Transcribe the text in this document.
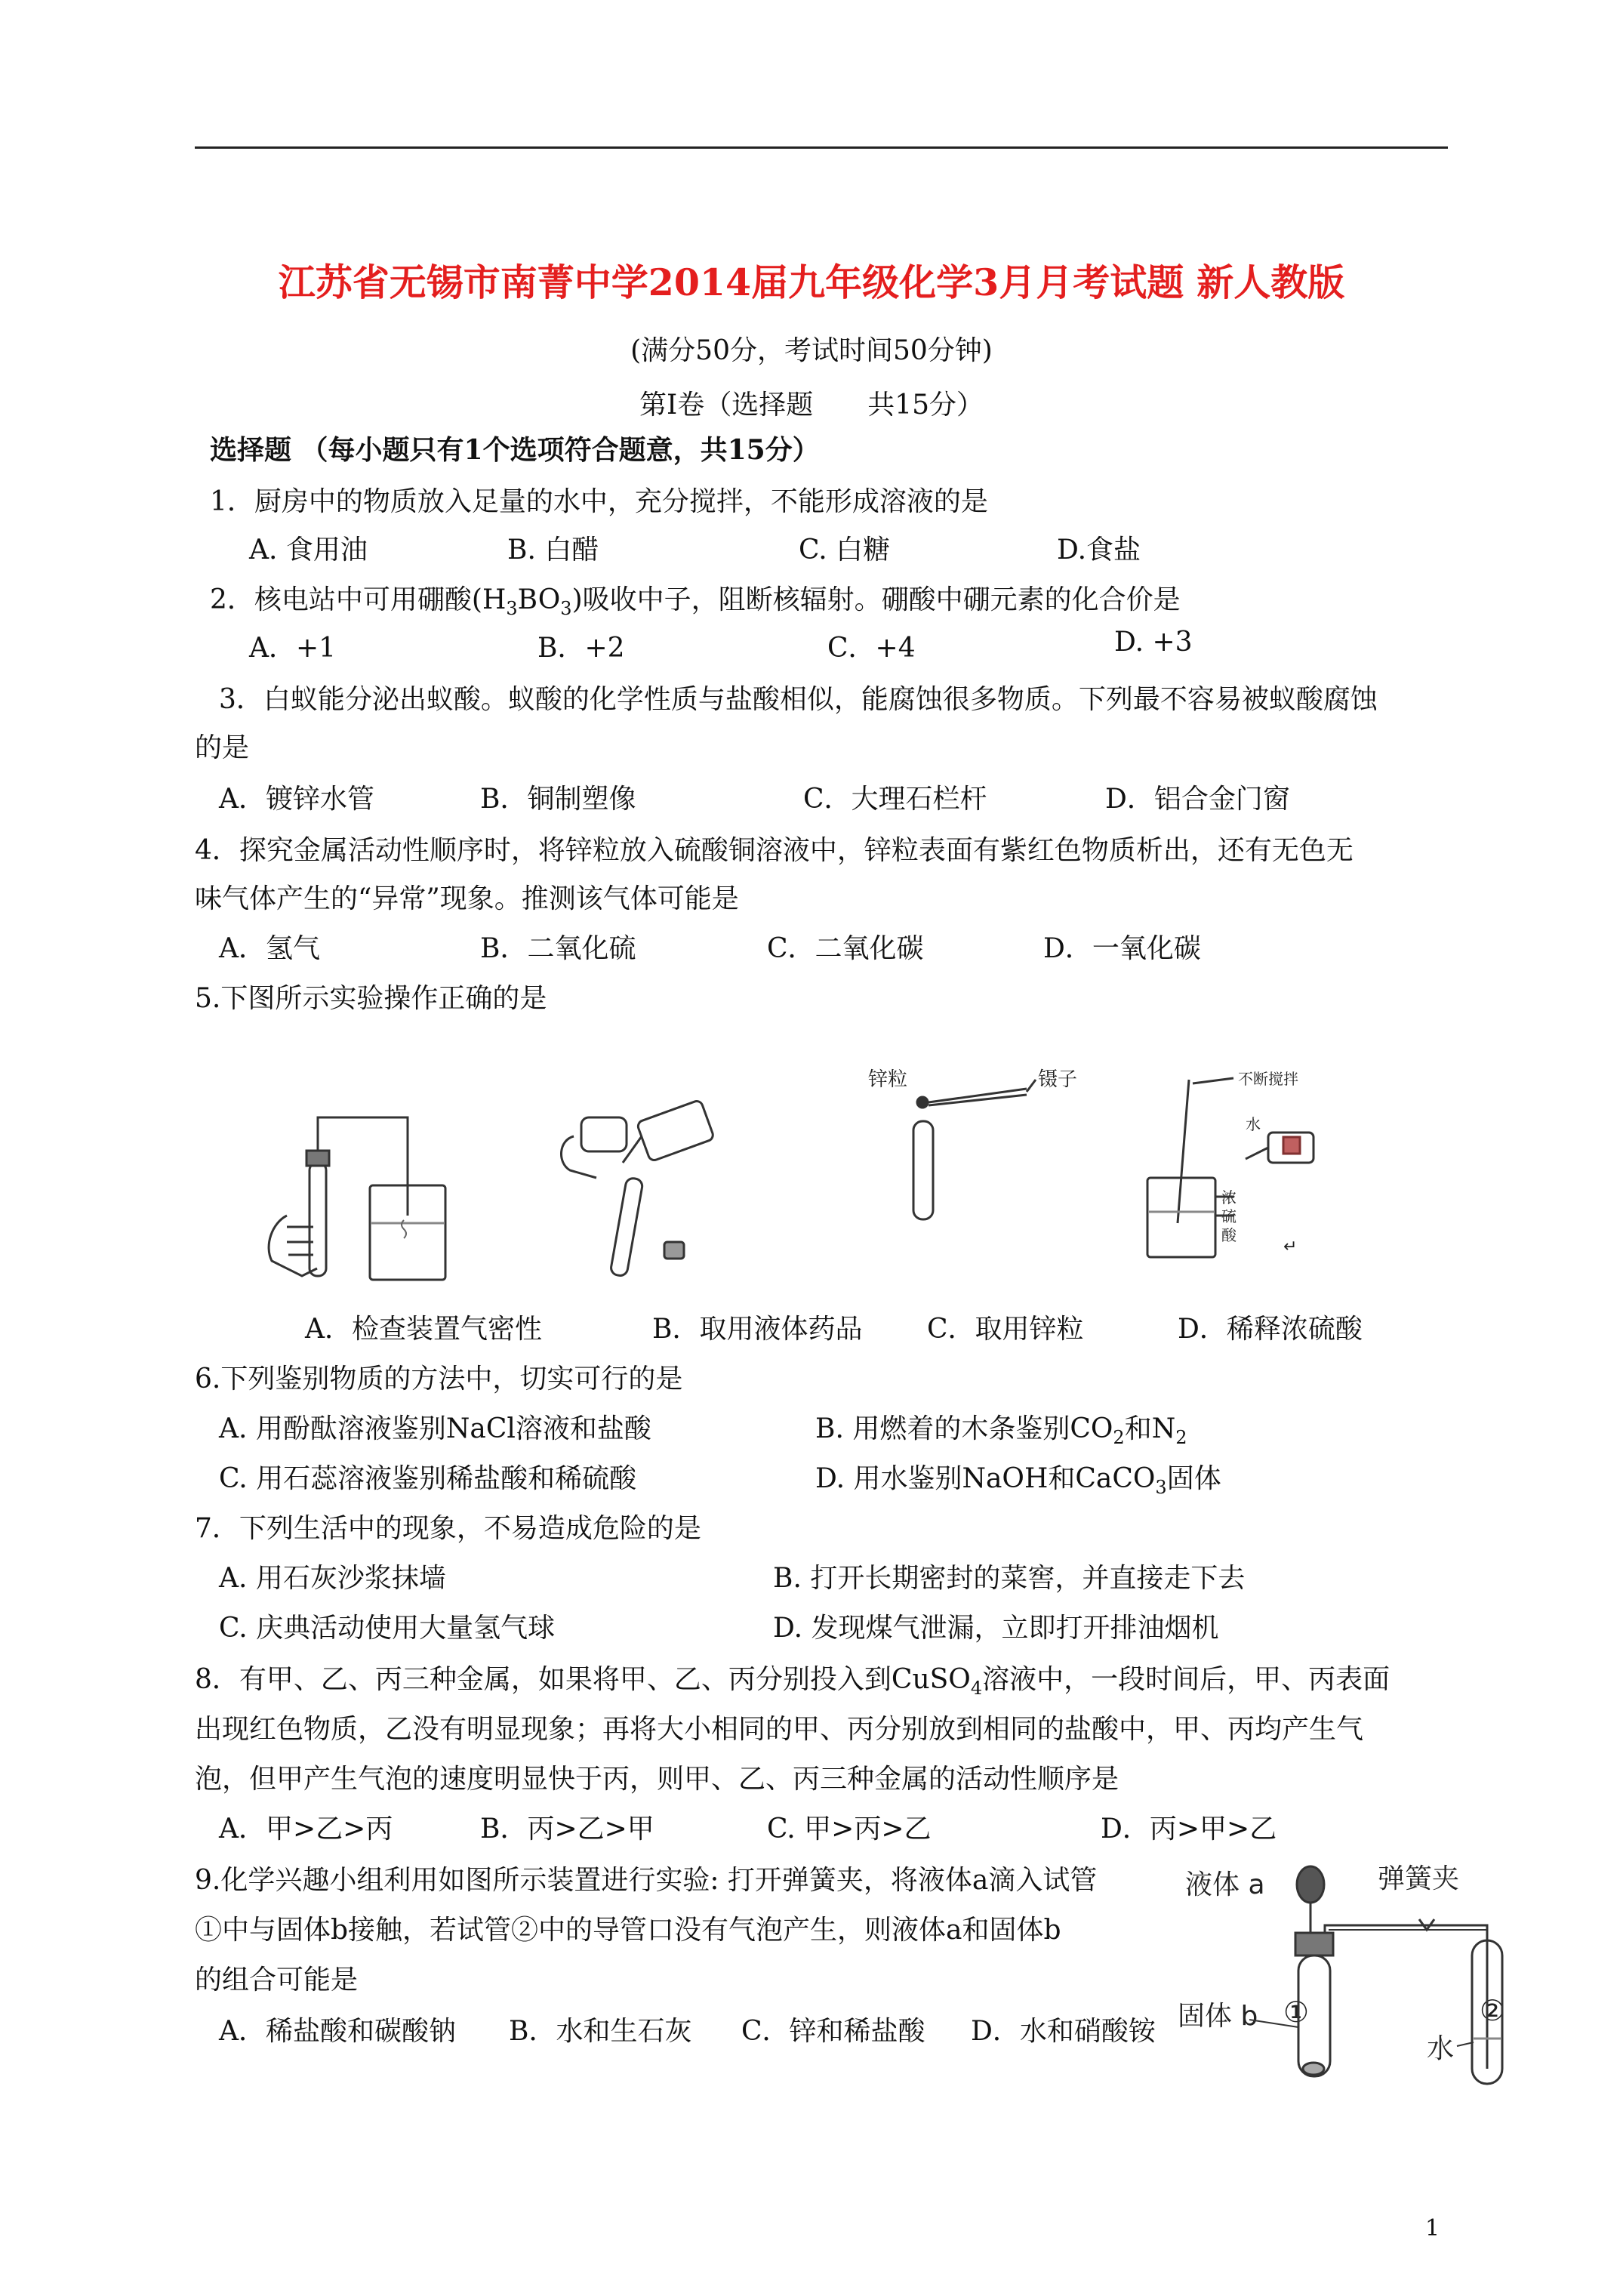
江苏省无锡市南菁中学2014届九年级化学3月月考试题 新人教版
(满分50分，考试时间50分钟)
第Ⅰ卷（选择题　　共15分）
选择题 （每小题只有1个选项符合题意，共15分）
1．厨房中的物质放入足量的水中，充分搅拌，不能形成溶液的是
A. 食用油	B. 白醋	C. 白糖	D.食盐
2．核电站中可用硼酸$(H_3BO_3)$吸收中子，阻断核辐射。硼酸中硼元素的化合价是
A．+1	B．+2	C．+4	D. +3
3．白蚁能分泌出蚁酸。蚁酸的化学性质与盐酸相似，能腐蚀很多物质。下列最不容易被蚁酸腐蚀
的是
A．镀锌水管	B．铜制塑像	C．大理石栏杆	D．铝合金门窗
4．探究金属活动性顺序时，将锌粒放入硫酸铜溶液中，锌粒表面有紫红色物质析出，还有无色无
味气体产生的“异常”现象。推测该气体可能是
A．氢气	B．二氧化硫	C．二氧化碳	D．一氧化碳
5.下图所示实验操作正确的是
锌粒	镊子	不断搅拌
水
浓
硫
酸
↵
A．检查装置气密性	B．取用液体药品 C．取用锌粒	D．稀释浓硫酸
6.下列鉴别物质的方法中，切实可行的是
A. 用酚酞溶液鉴别NaCl溶液和盐酸	B. 用燃着的木条鉴别$CO_2$和$N_2$
C. 用石蕊溶液鉴别稀盐酸和稀硫酸	D. 用水鉴别NaOH和CaCO$_3$固体
7．下列生活中的现象，不易造成危险的是
A. 用石灰沙浆抹墙	B. 打开长期密封的菜窖，并直接走下去
C. 庆典活动使用大量氢气球	D. 发现煤气泄漏，立即打开排油烟机
8．有甲、乙、丙三种金属，如果将甲、乙、丙分别投入到CuSO$_4$溶液中，一段时间后，甲、丙表面
出现红色物质，乙没有明显现象；再将大小相同的甲、丙分别放到相同的盐酸中，甲、丙均产生气
泡，但甲产生气泡的速度明显快于丙，则甲、乙、丙三种金属的活动性顺序是
A．甲>乙>丙	B．丙>乙>甲	C. 甲>丙>乙	D．丙>甲>乙
9.化学兴趣小组利用如图所示装置进行实验: 打开弹簧夹，将液体a滴入试管
①中与固体b接触，若试管②中的导管口没有气泡产生，则液体a和固体b
的组合可能是
A．稀盐酸和碳酸钠 B．水和生石灰 C．锌和稀盐酸 D．水和硝酸铵
液体 a	弹簧夹
固体 b ①
水
②
1
